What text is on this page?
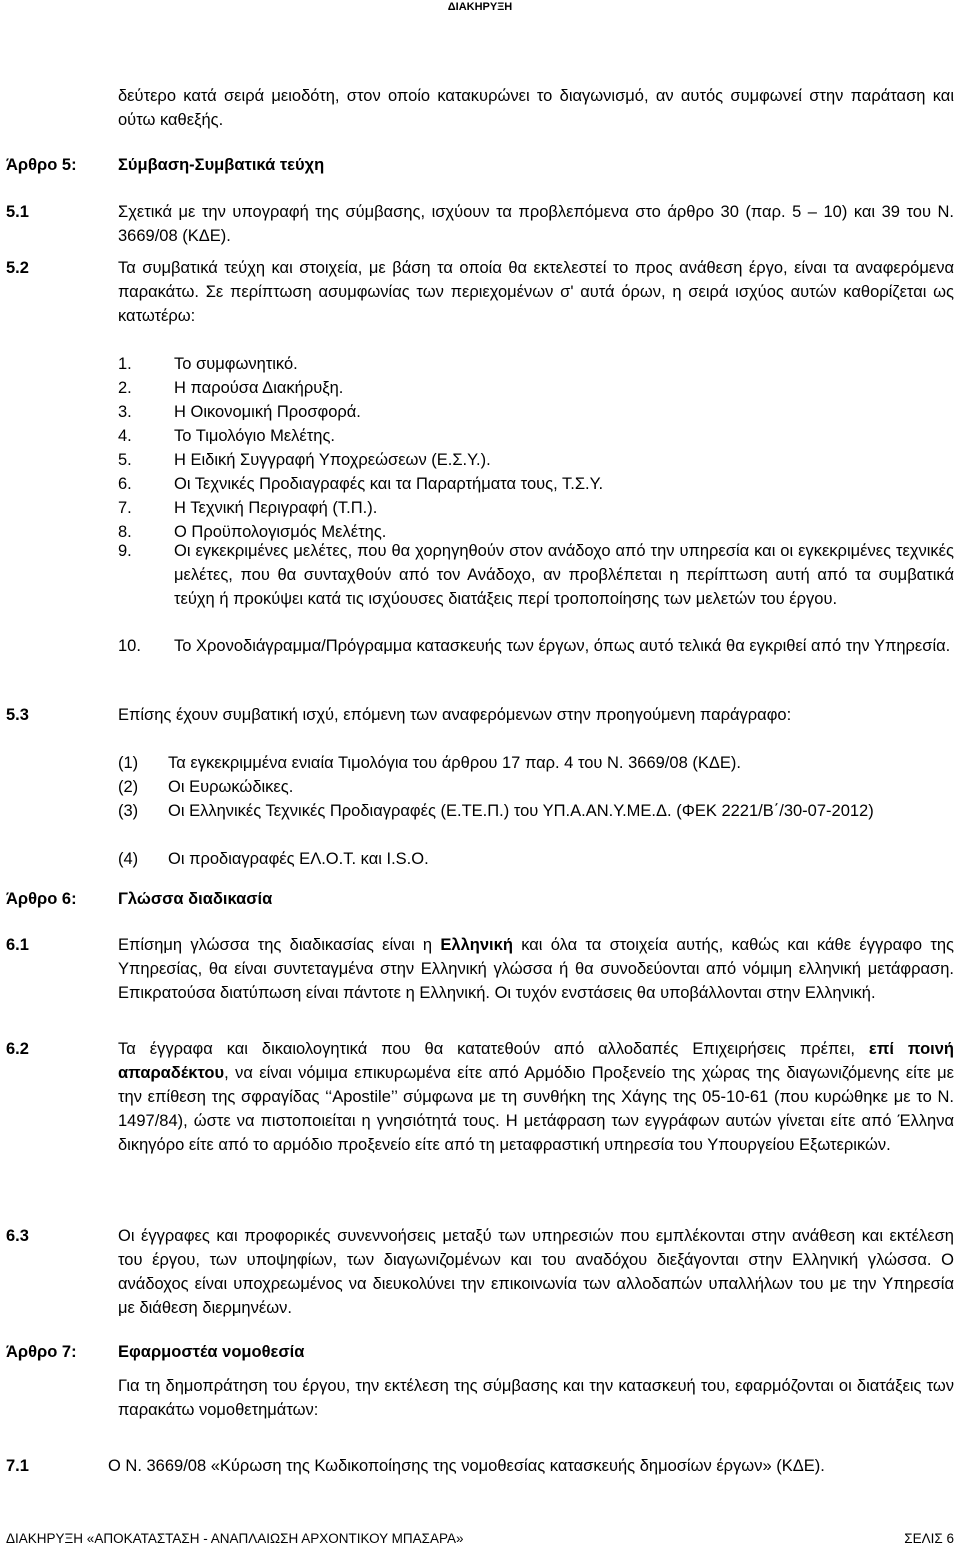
ΔΙΑΚΗΡΥΞΗ
δεύτερο κατά σειρά μειοδότη, στον οποίο κατακυρώνει το διαγωνισμό, αν αυτός συμφωνεί στην παράταση και ούτω καθεξής.
Άρθρο 5:	Σύμβαση-Συμβατικά τεύχη
5.1	Σχετικά με την υπογραφή της σύμβασης, ισχύουν τα προβλεπόμενα στο άρθρο 30 (παρ. 5 – 10) και 39 του Ν. 3669/08 (ΚΔΕ).
5.2	Τα συμβατικά τεύχη και στοιχεία, με βάση τα οποία θα εκτελεστεί το προς ανάθεση έργο, είναι τα αναφερόμενα παρακάτω. Σε περίπτωση ασυμφωνίας των περιεχομένων σ' αυτά όρων, η σειρά ισχύος αυτών καθορίζεται ως κατωτέρω:
1.	Το συμφωνητικό.
2.	Η παρούσα Διακήρυξη.
3.	Η Οικονομική Προσφορά.
4.	Το Τιμολόγιο Μελέτης.
5.	Η Ειδική Συγγραφή Υποχρεώσεων (Ε.Σ.Υ.).
6.	Οι Τεχνικές Προδιαγραφές και τα Παραρτήματα τους, Τ.Σ.Υ.
7.	Η Τεχνική Περιγραφή (Τ.Π.).
8.	Ο Προϋπολογισμός Μελέτης.
9.	Οι εγκεκριμένες μελέτες, που θα χορηγηθούν στον ανάδοχο από την υπηρεσία και οι εγκεκριμένες τεχνικές μελέτες, που θα συνταχθούν από τον Ανάδοχο, αν προβλέπεται η περίπτωση αυτή από τα συμβατικά τεύχη ή προκύψει κατά τις ισχύουσες διατάξεις περί τροποποίησης των μελετών του έργου.
10. Το Χρονοδιάγραμμα/Πρόγραμμα κατασκευής των έργων, όπως αυτό τελικά θα εγκριθεί από την Υπηρεσία.
5.3	Επίσης έχουν συμβατική ισχύ, επόμενη των αναφερόμενων στην προηγούμενη παράγραφο:
(1) Τα εγκεκριμμένα ενιαία Τιμολόγια του άρθρου 17 παρ. 4 του Ν. 3669/08 (ΚΔΕ).
(2) Οι Ευρωκώδικες.
(3) Οι Ελληνικές Τεχνικές Προδιαγραφές (Ε.ΤΕ.Π.) του ΥΠ.Α.ΑΝ.Υ.ΜΕ.Δ. (ΦΕΚ 2221/Β΄/30-07-2012)
(4) Οι προδιαγραφές ΕΛ.Ο.Τ. και I.S.O.
Άρθρο 6:	Γλώσσα διαδικασία
6.1	Επίσημη γλώσσα της διαδικασίας είναι η Ελληνική και όλα τα στοιχεία αυτής, καθώς και κάθε έγγραφο της Υπηρεσίας, θα είναι συντεταγμένα στην Ελληνική γλώσσα ή θα συνοδεύονται από νόμιμη ελληνική μετάφραση. Επικρατούσα διατύπωση είναι πάντοτε η Ελληνική. Οι τυχόν ενστάσεις θα υποβάλλονται στην Ελληνική.
6.2	Τα έγγραφα και δικαιολογητικά που θα κατατεθούν από αλλοδαπές Επιχειρήσεις πρέπει, επί ποινή απαραδέκτου, να είναι νόμιμα επικυρωμένα είτε από Αρμόδιο Προξενείο της χώρας της διαγωνιζόμενης είτε με την επίθεση της σφραγίδας ‘‘Apostile’’ σύμφωνα με τη συνθήκη της Χάγης της 05-10-61 (που κυρώθηκε με το Ν. 1497/84), ώστε να πιστοποιείται η γνησιότητά τους. Η μετάφραση των εγγράφων αυτών γίνεται είτε από Έλληνα δικηγόρο είτε από το αρμόδιο προξενείο είτε από τη μεταφραστική υπηρεσία του Υπουργείου Εξωτερικών.
6.3	Οι έγγραφες και προφορικές συνεννοήσεις μεταξύ των υπηρεσιών που εμπλέκονται στην ανάθεση και εκτέλεση του έργου, των υποψηφίων, των διαγωνιζομένων και του αναδόχου διεξάγονται στην Ελληνική γλώσσα. Ο ανάδοχος είναι υποχρεωμένος να διευκολύνει την επικοινωνία των αλλοδαπών υπαλλήλων του με την Υπηρεσία με διάθεση διερμηνέων.
Άρθρο 7:	Εφαρμοστέα νομοθεσία
Για τη δημοπράτηση του έργου, την εκτέλεση της σύμβασης και την κατασκευή του, εφαρμόζονται οι διατάξεις των παρακάτω νομοθετημάτων:
7.1	Ο Ν. 3669/08 «Κύρωση της Κωδικοποίησης της νομοθεσίας κατασκευής δημοσίων έργων» (ΚΔΕ).
ΔΙΑΚΗΡΥΞΗ «ΑΠΟΚΑΤΑΣΤΑΣΗ - ΑΝΑΠΛΑΙΩΣΗ ΑΡΧΟΝΤΙΚΟΥ ΜΠΑΣΑΡΑ»	ΣΕΛΙΣ 6
